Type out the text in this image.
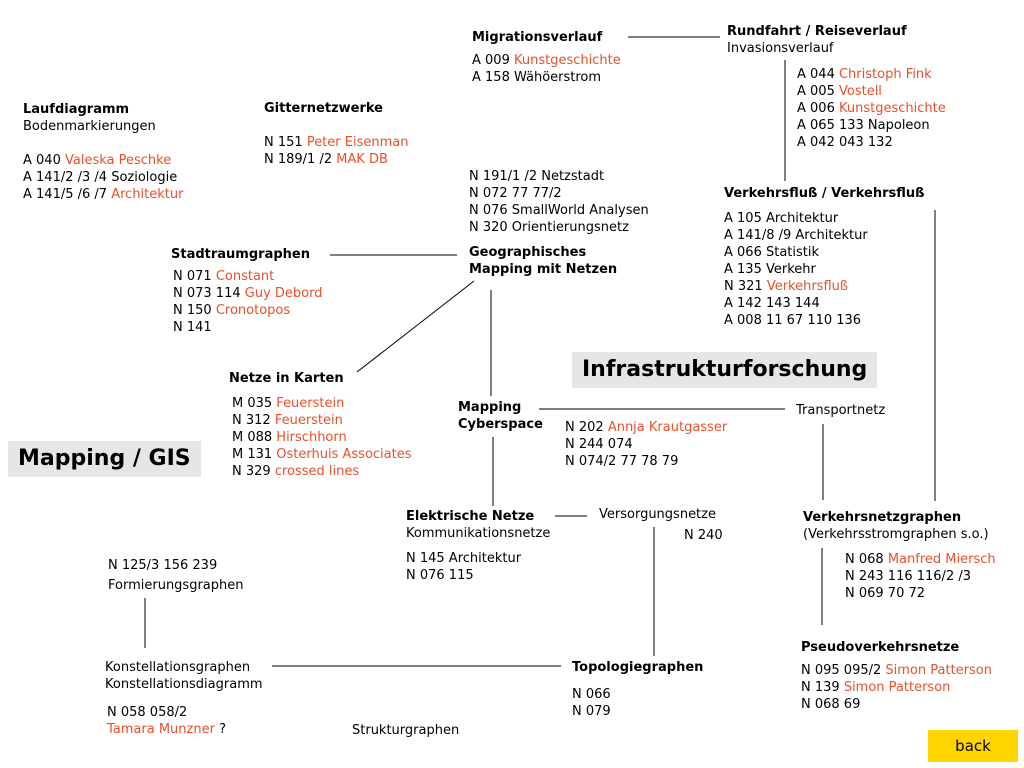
Migrationsverlauf
A 009 Kunstgeschichte
A 158 Wähöerstrom
Rundfahrt / Reiseverlauf
Invasionsverlauf
A 044 Christoph Fink
A 005 Vostell
A 006 Kunstgeschichte
A 065 133 Napoleon
A 042 043 132
Laufdiagramm
Bodenmarkierungen
A 040 Valeska Peschke
A 141/2 /3 /4 Soziologie
A 141/5 /6 /7 Architektur
Gitternetzwerke
N 151 Peter Eisenman
N 189/1 /2 MAK DB
N 191/1 /2 Netzstadt
N 072 77 77/2
N 076 SmallWorld Analysen
N 320 Orientierungsnetz
Geographisches
Mapping mit Netzen
Verkehrsfluß / Verkehrsfluß
A 105 Architektur
A 141/8 /9 Architektur
A 066 Statistik
A 135 Verkehr
N 321 Verkehrsfluß
A 142 143 144
A 008 11 67 110 136
Stadtraumgraphen
N 071 Constant
N 073 114 Guy Debord
N 150 Cronotopos
N 141
Infrastrukturforschung
Netze in Karten
M 035 Feuerstein
N 312 Feuerstein
M 088 Hirschhorn
M 131 Osterhuis Associates
N 329 crossed lines
Mapping
Cyberspace N 202 Annja Krautgasser
N 244 074
N 074/2 77 78 79
Transportnetz
Mapping / GIS
Elektrische Netze
Kommunikationsnetze
N 145 Architektur
N 076 115
Versorgungsnetze
N 240
Verkehrsnetzgraphen
(Verkehrsstromgraphen s.o.)
N 068 Manfred Miersch
N 243 116 116/2 /3
N 069 70 72
N 125/3 156 239
Formierungsgraphen
Pseudoverkehrsnetze
N 095 095/2 Simon Patterson
N 139 Simon Patterson
N 068 69
Konstellationsgraphen
Konstellationsdiagramm
N 058 058/2
Tamara Munzner ?
Topologiegraphen
N 066
N 079
Strukturgraphen
back
